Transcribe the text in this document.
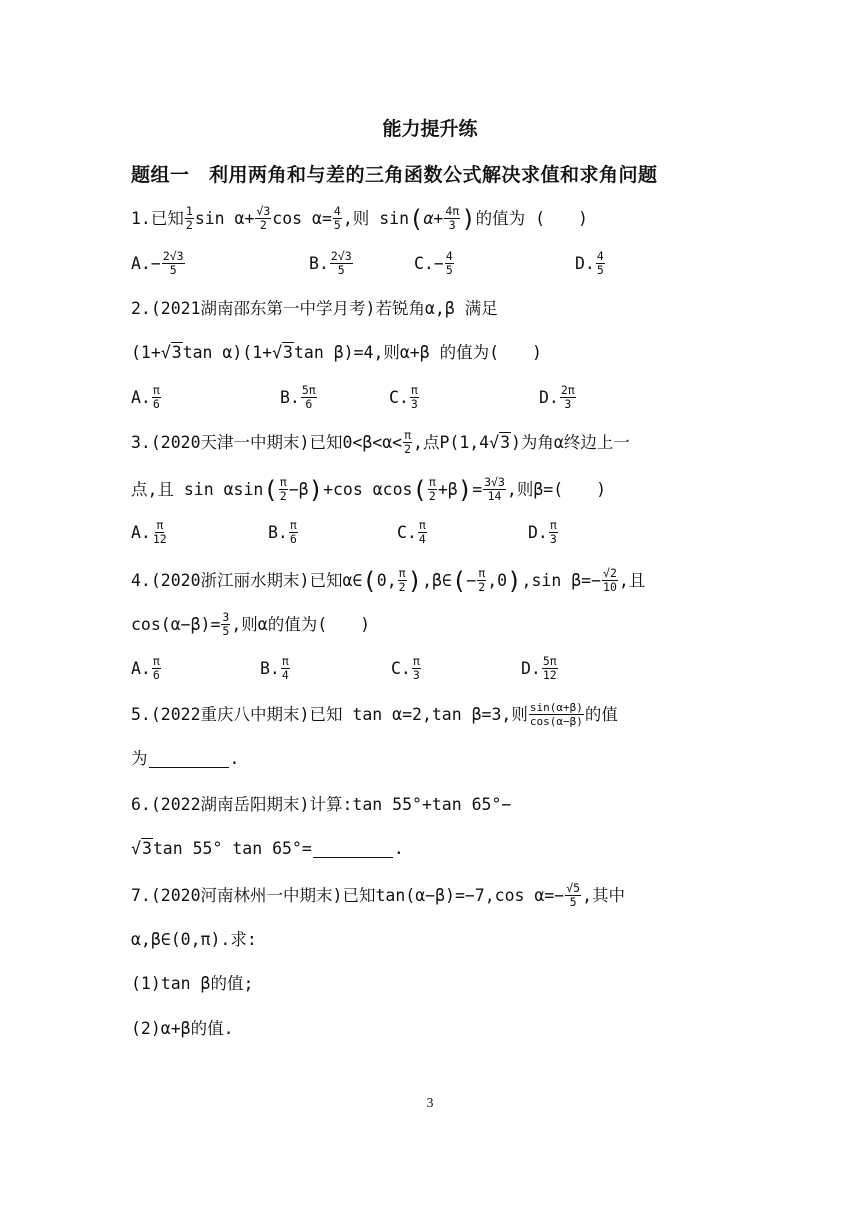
能力提升练
题组一　利用两角和与差的三角函数公式解决求值和求角问题
1. 已知 $\frac{1}{2}$ $\sin \alpha+ \frac{√3}{2}$ $\cos \alpha= \frac{4}{5}$ ,则 sin ( $\alpha+ \frac{4\pi}{3}$ ) 的值为 (　　)
A. − $\frac{2√3}{5}$	B. $\frac{2√3}{5}$	C. − $\frac{4}{5}$	D. $\frac{4}{5}$
2.(2021湖南邵东第一中学月考)若锐角α,β 满足
(1+ √3 tan α)(1+ √3 tan β)=4,则α+β 的值为(　　)
A. $\frac{\pi}{6}$	B. $\frac{5\pi}{6}$	C. $\frac{\pi}{3}$	D. $\frac{2\pi}{3}$
3.(2020天津一中期末)已知$0<\beta<\alpha< \frac{\pi}{2}$ ,点P(1,4 √3 )为角α终边上一
点,且 sin αsin ( $\frac{\pi}{2} -\beta$ ) +cos αcos ( $\frac{\pi}{2} +\beta$ ) = $\frac{3√3}{14}$ ,则β=(　　)
A. $\frac{\pi}{12}$	B. $\frac{\pi}{6}$	C. $\frac{\pi}{4}$	D. $\frac{\pi}{3}$
4.(2020浙江丽水期末)已知α∈ ( 0, $\frac{\pi}{2}$ ) ,β∈ ( − $\frac{\pi}{2} ,0$ ) ,sin $\beta=- \frac{√2}{10}$ ,且
$\cos(\alpha-\beta)= \frac{3}{5}$ ,则α的值为(　　)
A. $\frac{\pi}{6}$	B. $\frac{\pi}{4}$	C. $\frac{\pi}{3}$	D. $\frac{5\pi}{12}$
5.(2022重庆八中期末)已知 tan α=2,tan β=3,则 $\frac{\sin(\alpha+\beta)}{\cos(\alpha-\beta)}$ 的值
为	.
6.(2022湖南岳阳期末)计算:tan 55°+tan 65°−
√3 tan 55° tan 65°=	.
7.(2020河南林州一中期末)已知tan(α−β)=−7,cos $\alpha=- \frac{√5}{5}$ ,其中
α,β∈(0,π).求:
(1)tan β的值;
(2)α+β的值.
3
